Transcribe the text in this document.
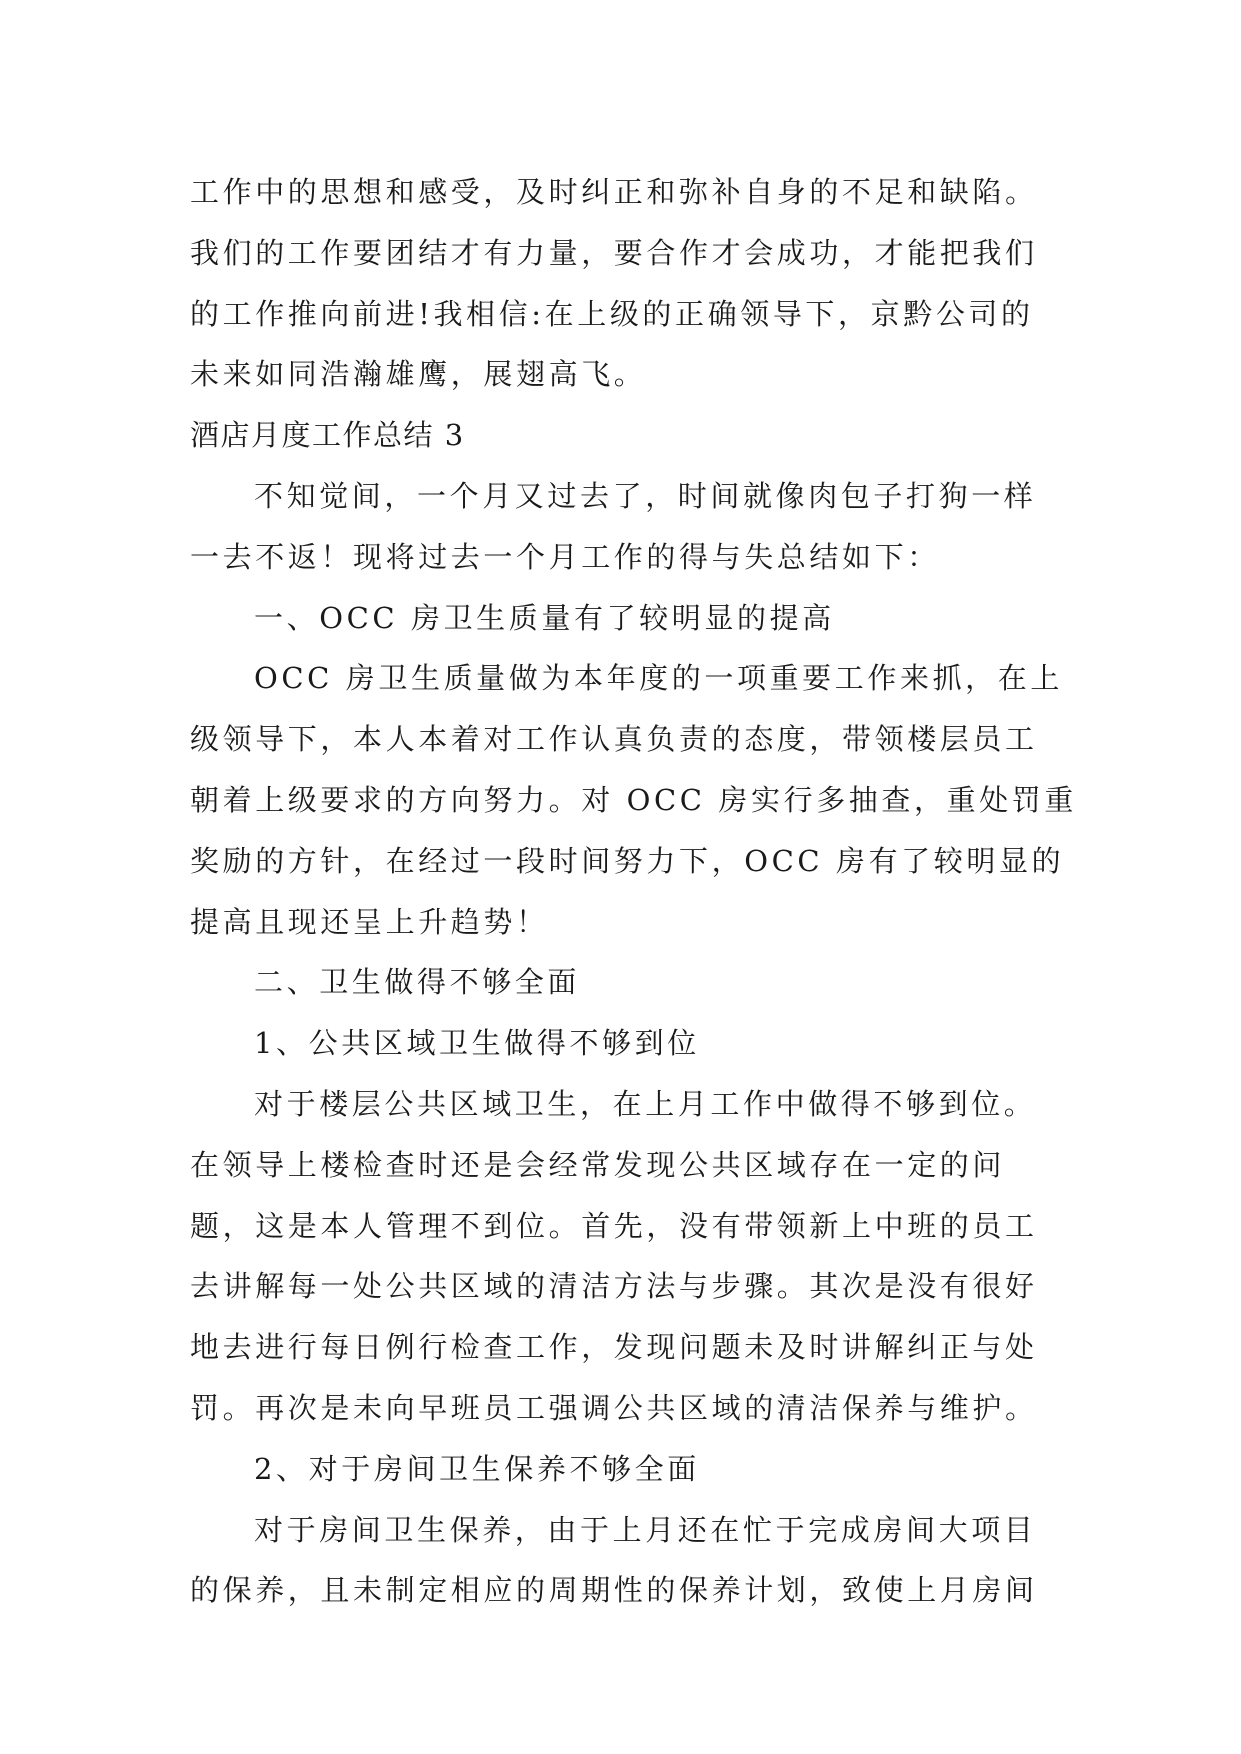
工作中的思想和感受，及时纠正和弥补自身的不足和缺陷。
我们的工作要团结才有力量，要合作才会成功，才能把我们
的工作推向前进!我相信:在上级的正确领导下，京黔公司的
未来如同浩瀚雄鹰，展翅高飞。
酒店月度工作总结 3
不知觉间，一个月又过去了，时间就像肉包子打狗一样
一去不返！现将过去一个月工作的得与失总结如下：
一、OCC 房卫生质量有了较明显的提高
OCC 房卫生质量做为本年度的一项重要工作来抓，在上
级领导下，本人本着对工作认真负责的态度，带领楼层员工
朝着上级要求的方向努力。对 OCC 房实行多抽查，重处罚重
奖励的方针，在经过一段时间努力下，OCC 房有了较明显的
提高且现还呈上升趋势！
二、卫生做得不够全面
1、公共区域卫生做得不够到位
对于楼层公共区域卫生，在上月工作中做得不够到位。
在领导上楼检查时还是会经常发现公共区域存在一定的问
题，这是本人管理不到位。首先，没有带领新上中班的员工
去讲解每一处公共区域的清洁方法与步骤。其次是没有很好
地去进行每日例行检查工作，发现问题未及时讲解纠正与处
罚。再次是未向早班员工强调公共区域的清洁保养与维护。
2、对于房间卫生保养不够全面
对于房间卫生保养，由于上月还在忙于完成房间大项目
的保养，且未制定相应的周期性的保养计划，致使上月房间
